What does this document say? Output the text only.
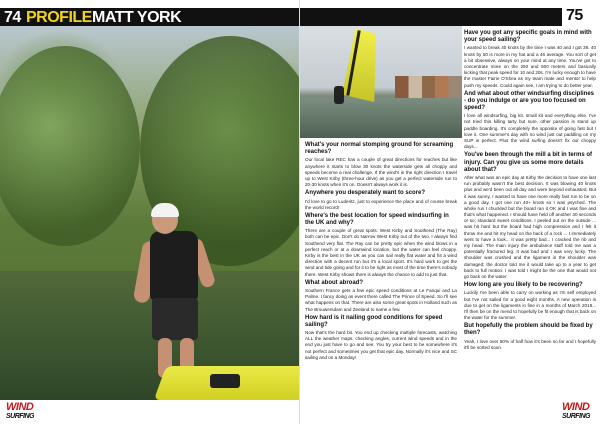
74 PROFILE MATT YORK
WIND
SURFING
75
What's your normal stomping ground for screaming reaches?
Our local lake REC has a couple of great directions for reaches but like anywhere it starts to blow 30 knots the waterside gets all choppy and speeds become a real challenge. If the wind's in the right direction I travel up to West Kirby (three-hour drive) as you get a perfect waterside run to 20-30 knots when it's on. Doesn't always work it is.
Anywhere you desperately want to score?
I'd love to go to Luderitz, just to experience the place and of course break the world record!
Where's the best location for speed windsurfing in the UK and why?
There are a couple of great spots: West Kirby and Southend (The Ray) both can be epic. Don't do Narrow West Kirby out of the two. I always find Southend very flat. The Ray can be pretty epic when the wind blows in a perfect reach or at a downwind location, but the water can feel choppy. Kirby is the best in the UK as you can sail really flat water and hit a wind direction with a decent run but it's a local sport. It's hard work to get the wind and tide going and for it to be right as most of the time there's nobody there. West Kirby shows there is always the chance to add to just that.
What about abroad?
Southern France gets a few epic speed conditions at Le Fanqui and La Palme. I fancy doing an event there called The Prince of Speed. So I'll see what happens on that. There are also some great spots in Holland such as The Brouwersdam and Zeeland to name a few.
How hard is it nailing good conditions for speed sailing?
Now that's the hard bit. You end up checking multiple forecasts, watching ALL the weather maps, checking angles, current wind speeds and in the end you just have to go and see. You try your best to be somewhere it's not perfect and sometimes you get that epic day. Normally it's nice and SC sailing and on a Monday!
Have you got any specific goals in mind with your speed sailing?
I wanted to break 40 knots by the time I was 40 and I got 38. 40 knots by 50 is more in my hat and a 46 average. You sort of get a bit obsessive, always on your mind at any time. You've got to concentrate more on the 250 and 500 meters and basically kicking that peak speed for 10 and 20s. I'm lucky enough to have the master Fairie O'Shea as my team mate and mentor to help push my speeds. Could again see, I am trying to do better year.
And what about other windsurfing disciplines - do you indulge or are you too focused on speed?
I love all windsurfing, big kit, small kit and everything else. I've not tried this killing tarty but sure, other passion is stand up paddle boarding. It's completely the opposite of going fast but I love it. One summer's day with no wind just out paddling on my SUP is perfect. Plus the wind surfing doesn't fix our choppy days...
You've been through the mill a bit in terms of injury. Can you give us some more details about that?
After what was an epic day at Kirby the decision to have one last run probably wasn't the best decision. It was blowing 40 knots plus and we'd been out all day and were beyond exhausted. But it was sunny, I wanted to have one more really fast run to be on a good day. I got one run 40+ knots so I was psyched. The whole run I chuckled but the board ran it OK and I was fine and that's what happened. I should have held off another 30 seconds or so; standard sweet conditions. I peeled out on the outside ... was hit hard but the board had high compression and I felt it throw me and hit my head on the back of a rock ... I immediately went to have a look... it was pretty bad... I cracked the rib and my head. The main injury the ambulance staff told me was a potentially fractured leg. It was bad and I was very lucky. The shoulder was crushed and the ligament in the shoulder was damaged; the doctor told me it would take up to a year to get back to full motion. I was told I might be the one that would not go back on the water.
How long are you likely to be recovering?
Luckily I've been able to carry on working as I'm self employed but I've not sailed for a good eight months. A new operation is due to get on the ligaments in fine in a months of March 2018... I'll then be on the mend to hopefully be fit enough that is back on the water for the summer.
But hopefully the problem should be fixed by then?
Yeah, I love over 50% of half how it's been so far and I hopefully it'll be sorted soon.
WIND
SURFING
